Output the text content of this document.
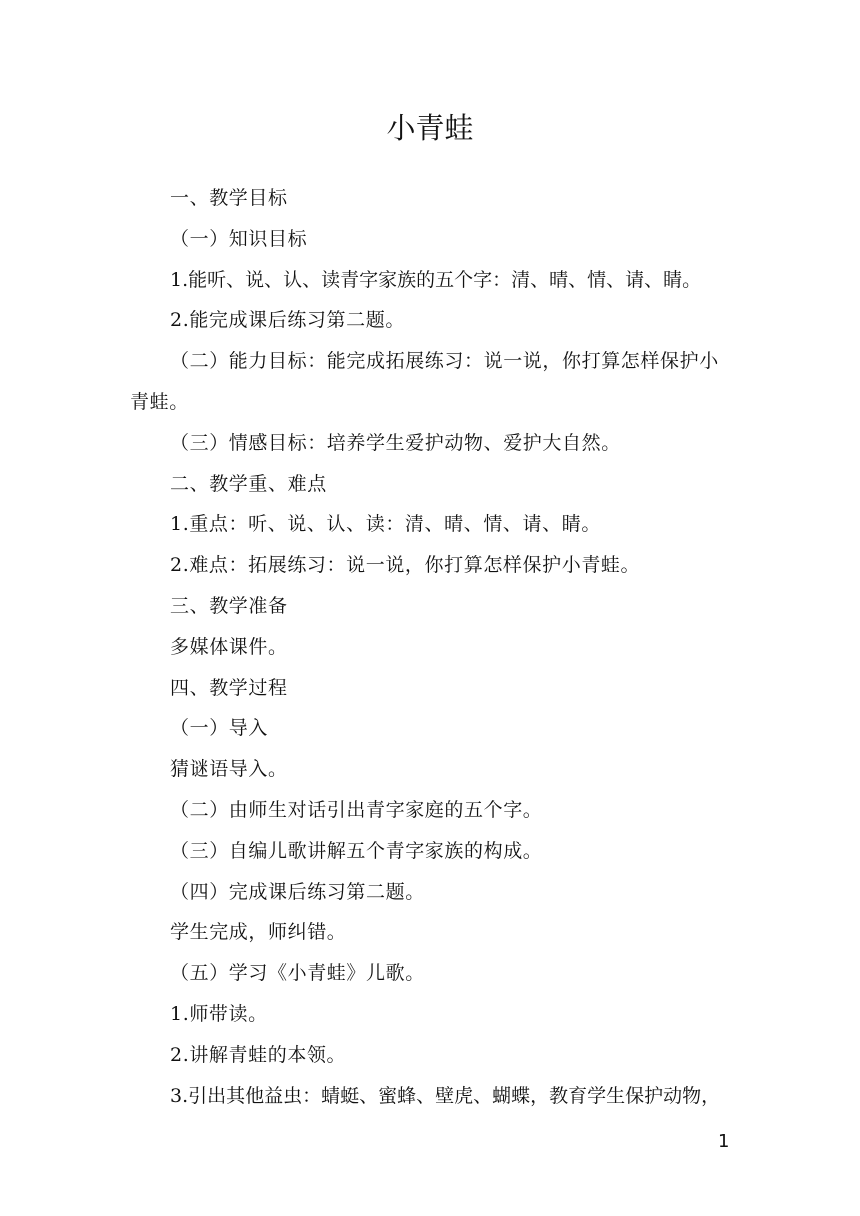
小青蛙

一、教学目标

（一）知识目标

1.能听、说、认、读青字家族的五个字：清、晴、情、请、睛。

2.能完成课后练习第二题。

（二）能力目标：能完成拓展练习：说一说，你打算怎样保护小青蛙。

（三）情感目标：培养学生爱护动物、爱护大自然。

二、教学重、难点

1.重点：听、说、认、读：清、晴、情、请、睛。

2.难点：拓展练习：说一说，你打算怎样保护小青蛙。

三、教学准备

多媒体课件。

四、教学过程

（一）导入

猜谜语导入。

（二）由师生对话引出青字家庭的五个字。

（三）自编儿歌讲解五个青字家族的构成。

（四）完成课后练习第二题。

学生完成，师纠错。

（五）学习《小青蛙》儿歌。

1.师带读。

2.讲解青蛙的本领。

3.引出其他益虫：蜻蜓、蜜蜂、壁虎、蝴蝶，教育学生保护动物，

1
